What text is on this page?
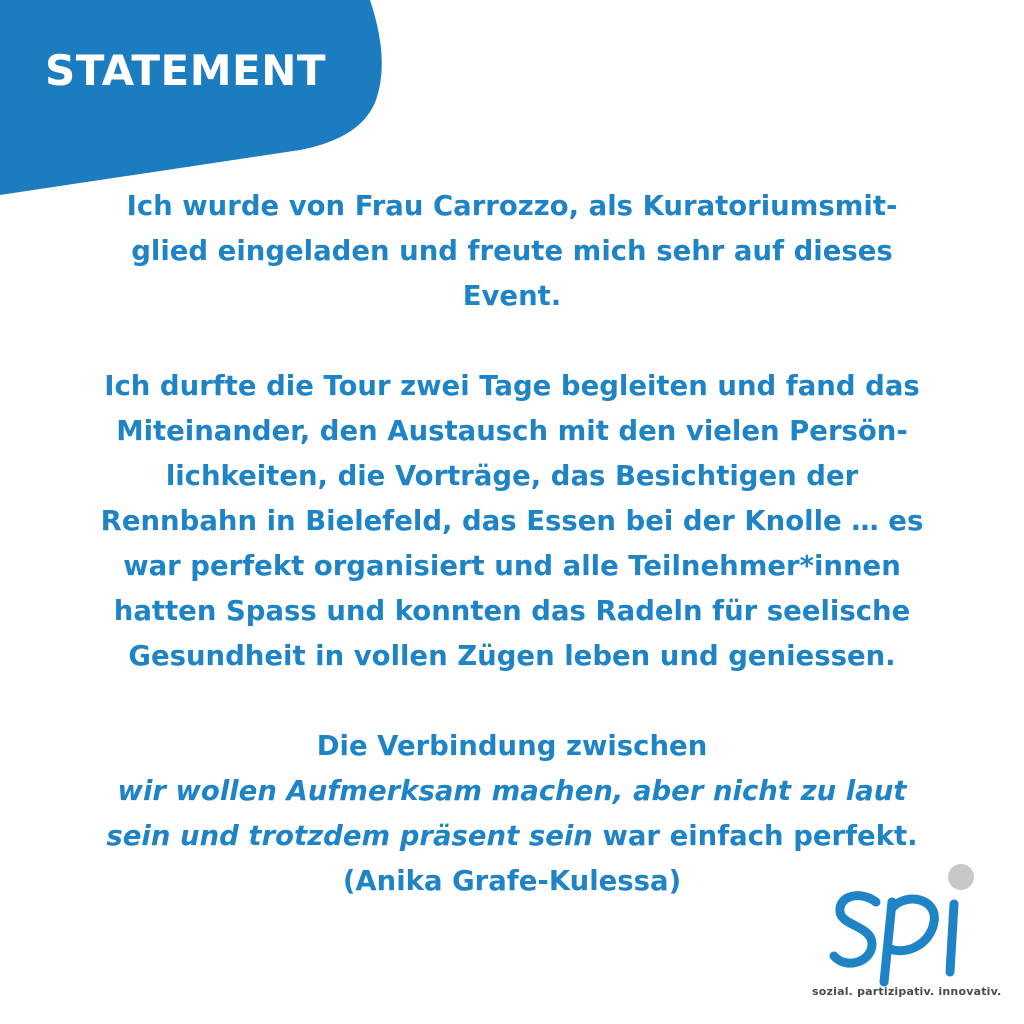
STATEMENT

Ich wurde von Frau Carrozzo, als Kuratoriumsmit-
glied eingeladen und freute mich sehr auf dieses
Event.

Ich durfte die Tour zwei Tage begleiten und fand das
Miteinander, den Austausch mit den vielen Persön-
lichkeiten, die Vorträge, das Besichtigen der
Rennbahn in Bielefeld, das Essen bei der Knolle … es
war perfekt organisiert und alle Teilnehmer*innen
hatten Spass und konnten das Radeln für seelische
Gesundheit in vollen Zügen leben und geniessen.

Die Verbindung zwischen
wir wollen Aufmerksam machen, aber nicht zu laut
sein und trotzdem präsent sein war einfach perfekt.
(Anika Grafe-Kulessa)

sozial. partizipativ. innovativ.
